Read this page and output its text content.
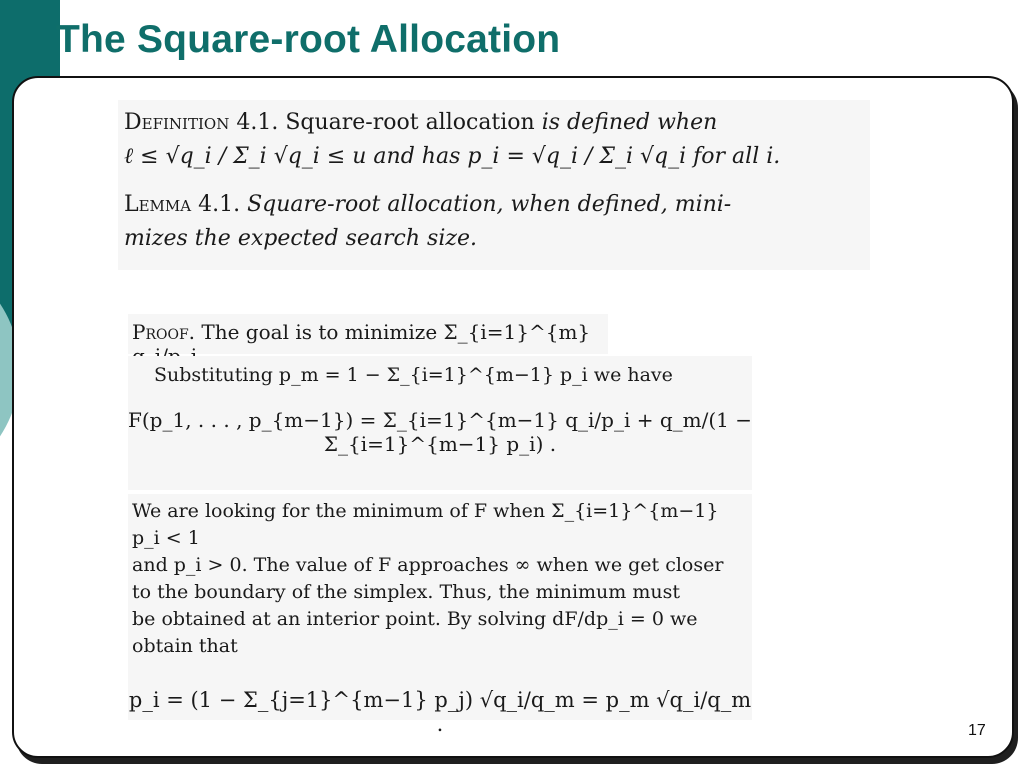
The Square-root Allocation

Definition 4.1. Square-root allocation is defined when

ℓ ≤ √q_i / Σ_i √q_i ≤ u and has p_i = √q_i / Σ_i √q_i for all i.

Lemma 4.1. Square-root allocation, when defined, mini-

mizes the expected search size.

Proof. The goal is to minimize Σ_{i=1}^{m}

Substituting p_m = 1 − Σ_{i=1}^{m−1} p_i we have

F(p_1, . . . , p_{m−1}) = Σ_{i=1}^{m−1} q_i/p_i + q_m/(1 − Σ_{i=1}^{m−1} p_i) .

We are looking for the minimum of F when Σ_{i=1}^{m−1} p_i < 1

and p_i > 0. The value of F approaches ∞ when we get closer

to the boundary of the simplex. Thus, the minimum must

be obtained at an interior point. By solving dF/dp_i = 0 we

obtain that

p_i = (1 − Σ_{j=1}^{m−1} p_j) √q_i/q_m = p_m √q_i/q_m .	17
